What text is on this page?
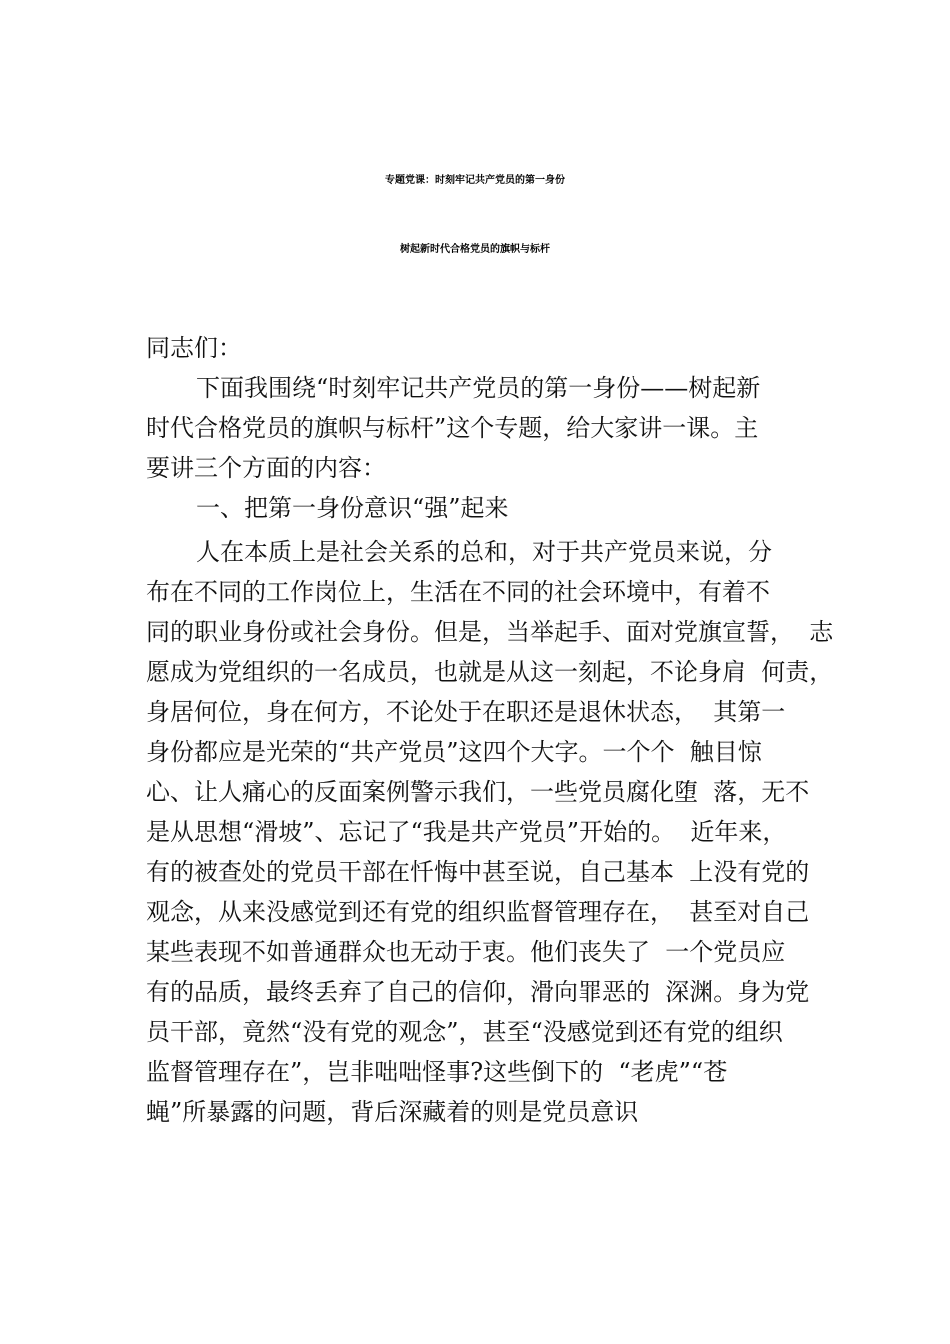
专题党课：时刻牢记共产党员的第一身份
树起新时代合格党员的旗帜与标杆
同志们：
下面我围绕“时刻牢记共产党员的第一身份——树起新
时代合格党员的旗帜与标杆”这个专题，给大家讲一课。主
要讲三个方面的内容：
一、把第一身份意识“强”起来
人在本质上是社会关系的总和，对于共产党员来说，分
布在不同的工作岗位上，生活在不同的社会环境中，有着不
同的职业身份或社会身份。但是，当举起手、面对党旗宣誓，  志
愿成为党组织的一名成员，也就是从这一刻起，不论身肩  何责，
身居何位，身在何方，不论处于在职还是退休状态，  其第一
身份都应是光荣的“共产党员”这四个大字。一个个  触目惊
心、让人痛心的反面案例警示我们，一些党员腐化堕  落，无不
是从思想“滑坡”、忘记了“我是共产党员”开始的。  近年来，
有的被查处的党员干部在忏悔中甚至说，自己基本  上没有党的
观念，从来没感觉到还有党的组织监督管理存在，  甚至对自己
某些表现不如普通群众也无动于衷。他们丧失了  一个党员应
有的品质，最终丢弃了自己的信仰，滑向罪恶的  深渊。身为党
员干部，竟然“没有党的观念”，甚至“没感觉到还有党的组织
监督管理存在”，岂非咄咄怪事?这些倒下的  “老虎”“苍
蝇”所暴露的问题，背后深藏着的则是党员意识
